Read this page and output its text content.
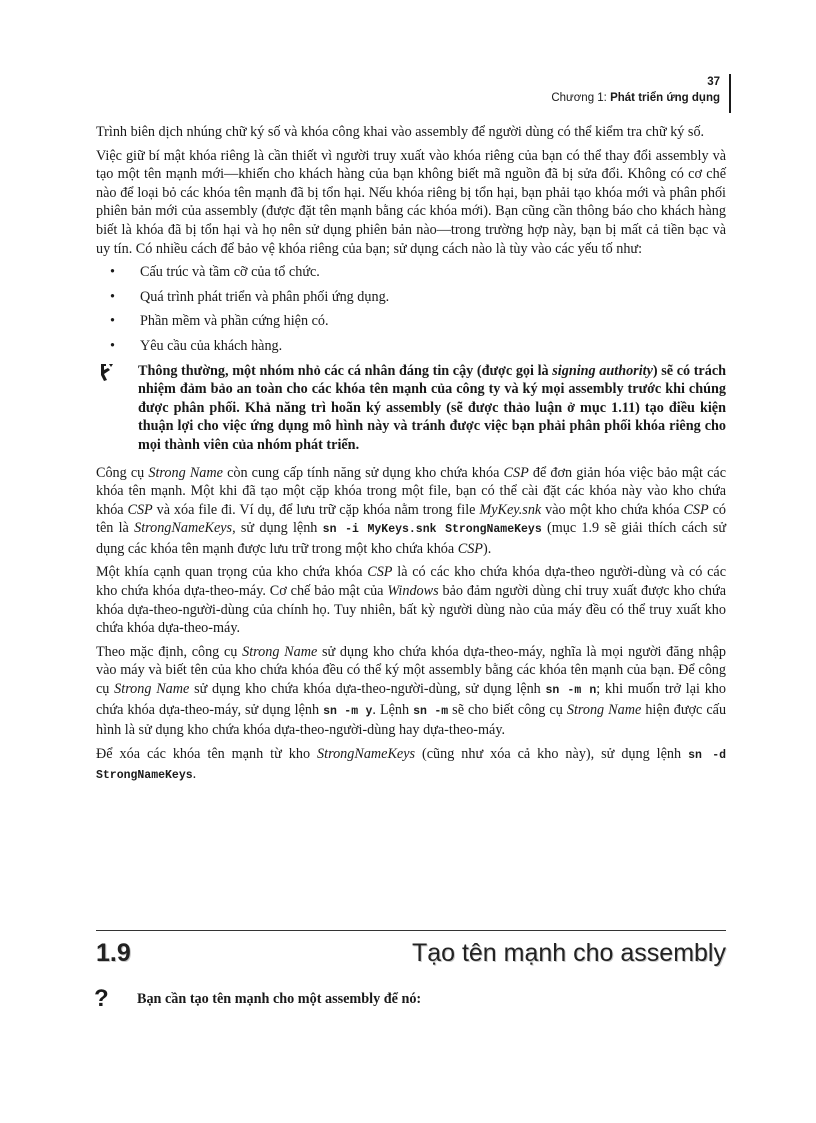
37
Chương 1: Phát triển ứng dụng

Trình biên dịch nhúng chữ ký số và khóa công khai vào assembly để người dùng có thể kiểm tra chữ ký số.

Việc giữ bí mật khóa riêng là cần thiết vì người truy xuất vào khóa riêng của bạn có thể thay đổi assembly và tạo một tên mạnh mới—khiến cho khách hàng của bạn không biết mã nguồn đã bị sửa đổi. Không có cơ chế nào để loại bỏ các khóa tên mạnh đã bị tổn hại. Nếu khóa riêng bị tổn hại, bạn phải tạo khóa mới và phân phối phiên bản mới của assembly (được đặt tên mạnh bằng các khóa mới). Bạn cũng cần thông báo cho khách hàng biết là khóa đã bị tổn hại và họ nên sử dụng phiên bản nào—trong trường hợp này, bạn bị mất cả tiền bạc và uy tín. Có nhiều cách để bảo vệ khóa riêng của bạn; sử dụng cách nào là tùy vào các yếu tố như:

• Cấu trúc và tầm cỡ của tổ chức.
• Quá trình phát triển và phân phối ứng dụng.
• Phần mềm và phần cứng hiện có.
• Yêu cầu của khách hàng.
Thông thường, một nhóm nhỏ các cá nhân đáng tin cậy (được gọi là signing authority) sẽ có trách nhiệm đảm bảo an toàn cho các khóa tên mạnh của công ty và ký mọi assembly trước khi chúng được phân phối. Khả năng trì hoãn ký assembly (sẽ được thảo luận ở mục 1.11) tạo điều kiện thuận lợi cho việc ứng dụng mô hình này và tránh được việc bạn phải phân phối khóa riêng cho mọi thành viên của nhóm phát triển.

Công cụ Strong Name còn cung cấp tính năng sử dụng kho chứa khóa CSP để đơn giản hóa việc bảo mật các khóa tên mạnh. Một khi đã tạo một cặp khóa trong một file, bạn có thể cài đặt các khóa này vào kho chứa khóa CSP và xóa file đi. Ví dụ, để lưu trữ cặp khóa nằm trong file MyKey.snk vào một kho chứa khóa CSP có tên là StrongNameKeys, sử dụng lệnh sn -i MyKeys.snk StrongNameKeys (mục 1.9 sẽ giải thích cách sử dụng các khóa tên mạnh được lưu trữ trong một kho chứa khóa CSP).

Một khía cạnh quan trọng của kho chứa khóa CSP là có các kho chứa khóa dựa-theo người-dùng và có các kho chứa khóa dựa-theo-máy. Cơ chế bảo mật của Windows bảo đảm người dùng chỉ truy xuất được kho chứa khóa dựa-theo-người-dùng của chính họ. Tuy nhiên, bất kỳ người dùng nào của máy đều có thể truy xuất kho chứa khóa dựa-theo-máy.

Theo mặc định, công cụ Strong Name sử dụng kho chứa khóa dựa-theo-máy, nghĩa là mọi người đăng nhập vào máy và biết tên của kho chứa khóa đều có thể ký một assembly bằng các khóa tên mạnh của bạn. Để công cụ Strong Name sử dụng kho chứa khóa dựa-theo-người-dùng, sử dụng lệnh sn -m n; khi muốn trở lại kho chứa khóa dựa-theo-máy, sử dụng lệnh sn -m y. Lệnh sn -m sẽ cho biết công cụ Strong Name hiện được cấu hình là sử dụng kho chứa khóa dựa-theo-người-dùng hay dựa-theo-máy.

Để xóa các khóa tên mạnh từ kho StrongNameKeys (cũng như xóa cả kho này), sử dụng lệnh sn -d StrongNameKeys.

1.9	Tạo tên mạnh cho assembly
? Bạn cần tạo tên mạnh cho một assembly để nó:
